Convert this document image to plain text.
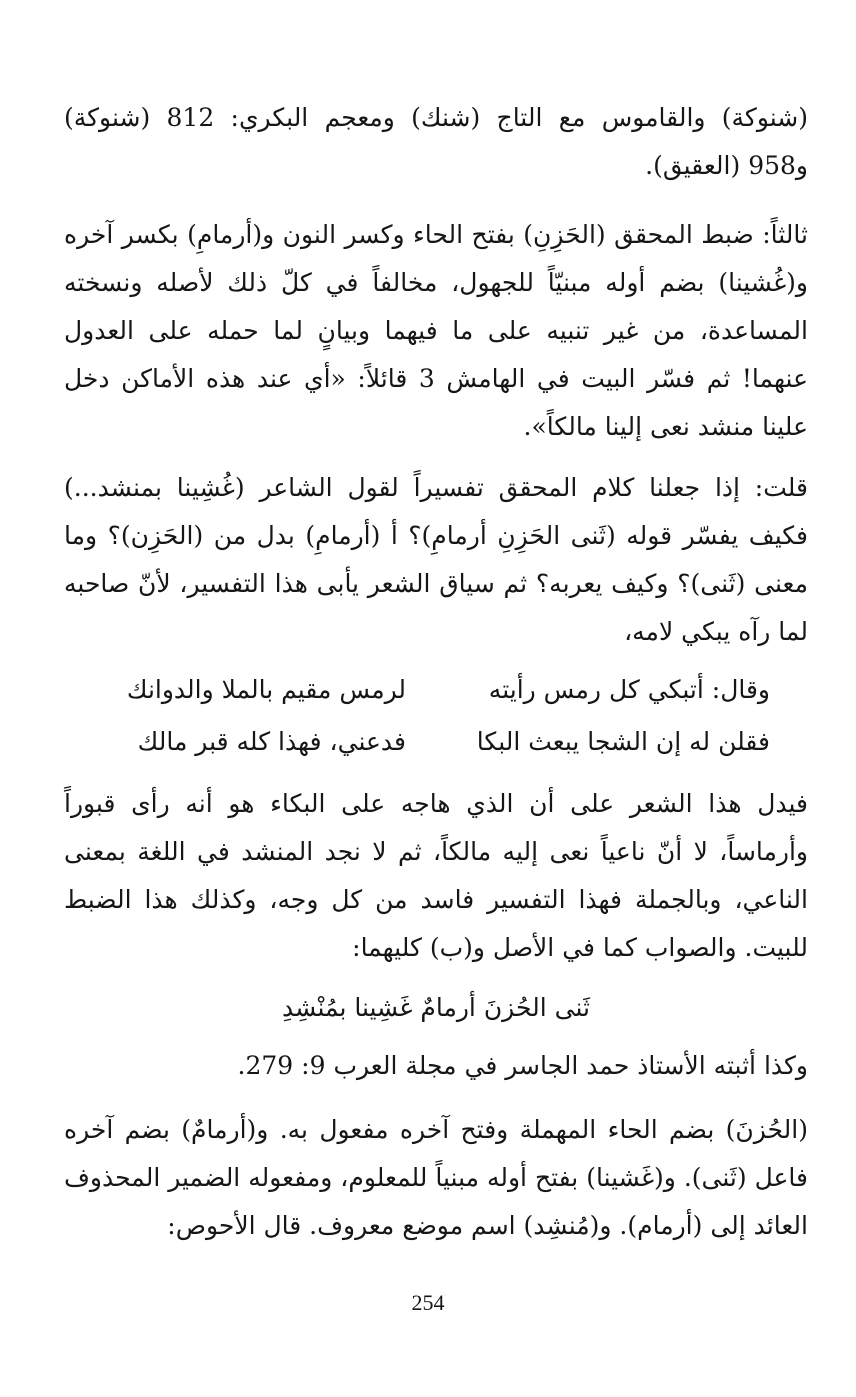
(شنوكة) والقاموس مع التاج (شنك) ومعجم البكري: 812 (شنوكة) و958 (العقيق).

ثالثاً: ضبط المحقق (الحَزِنِ) بفتح الحاء وكسر النون و(أرمامِ) بكسر آخره و(غُشينا) بضم أوله مبنيّاً للجهول، مخالفاً في كلّ ذلك لأصله ونسخته المساعدة، من غير تنبيه على ما فيهما وبيانٍ لما حمله على العدول عنهما! ثم فسّر البيت في الهامش 3 قائلاً: «أي عند هذه الأماكن دخل علينا منشد نعى إلينا مالكاً».

قلت: إذا جعلنا كلام المحقق تفسيراً لقول الشاعر (غُشِينا بمنشد...) فكيف يفسّر قوله (ثَنى الحَزِنِ أرمامِ)؟ أ (أرمامِ) بدل من (الحَزِن)؟ وما معنى (ثَنى)؟ وكيف يعربه؟ ثم سياق الشعر يأبى هذا التفسير، لأنّ صاحبه لما رآه يبكي لامه،

وقال: أتبكي كل رمس رأيته
لرمس مقيم بالملا والدوانك
فقلن له إن الشجا يبعث البكا
فدعني، فهذا كله قبر مالك

فيدل هذا الشعر على أن الذي هاجه على البكاء هو أنه رأى قبوراً وأرماساً، لا أنّ ناعياً نعى إليه مالكاً، ثم لا نجد المنشد في اللغة بمعنى الناعي، وبالجملة فهذا التفسير فاسد من كل وجه، وكذلك هذا الضبط للبيت. والصواب كما في الأصل و(ب) كليهما:

ثَنى الحُزنَ أرمامٌ غَشِينا بمُنْشِدِ

وكذا أثبته الأستاذ حمد الجاسر في مجلة العرب 9: 279.

(الحُزنَ) بضم الحاء المهملة وفتح آخره مفعول به. و(أرمامٌ) بضم آخره فاعل (ثَنى). و(غَشينا) بفتح أوله مبنياً للمعلوم، ومفعوله الضمير المحذوف العائد إلى (أرمام). و(مُنشِد) اسم موضع معروف. قال الأحوص:

254
